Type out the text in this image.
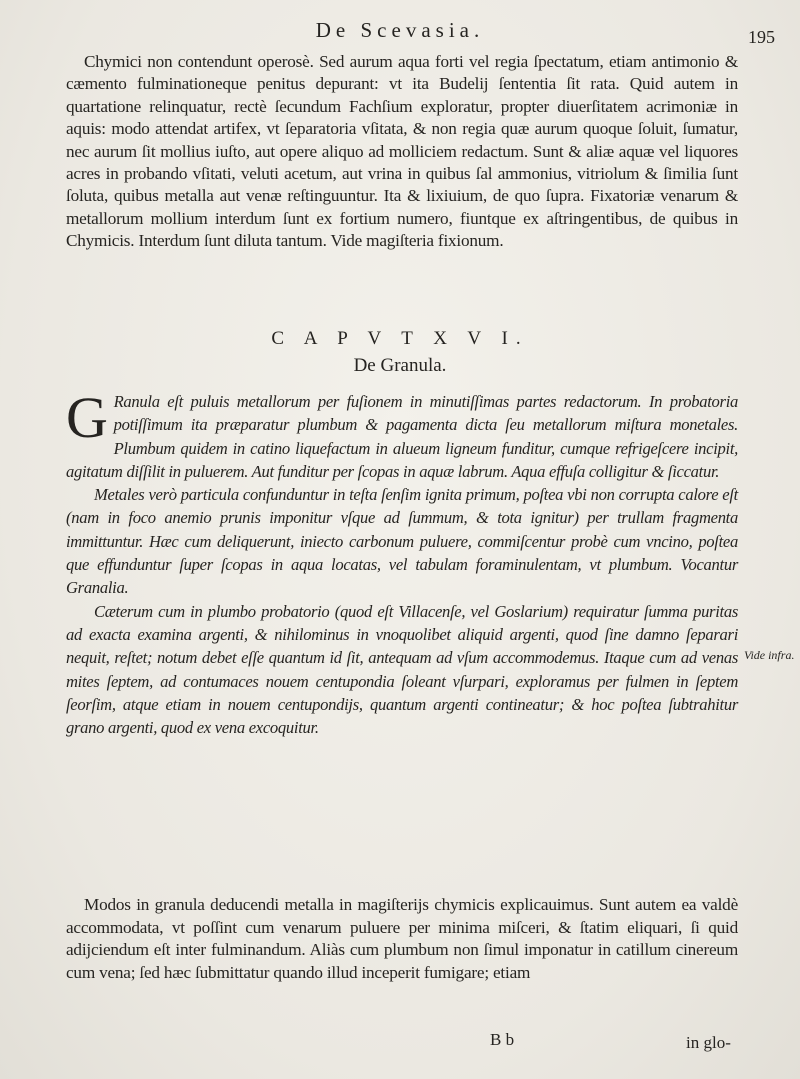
De Scevasia.	195
Chymici non contendunt operosè. Sed aurum aqua forti vel regia ſpectatum, etiam antimonio & cæmento fulminationeque penitus depurant: vt ita Budelij ſententia ſit rata. Quid autem in quartatione relinquatur, rectè ſecundum Fachſium exploratur, propter diuerſitatem acrimoniæ in aquis: modo attendat artifex, vt ſeparatoria vſitata, & non regia quæ aurum quoque ſoluit, ſumatur, nec aurum ſit mollius iuſto, aut opere aliquo ad molliciem redactum. Sunt & aliæ aquæ vel liquores acres in probando vſitati, veluti acetum, aut vrina in quibus ſal ammonius, vitriolum & ſimilia ſunt ſoluta, quibus metalla aut venæ reſtinguuntur. Ita & lixiuium, de quo ſupra. Fixatoriæ venarum & metallorum mollium interdum ſunt ex fortium numero, fiuntque ex aſtringentibus, de quibus in Chymicis. Interdum ſunt diluta tantum. Vide magiſteria fixionum.
C A P V T X V I.
De Granula.

G Ranula eſt puluis metallorum per fuſionem in minutiſſimas partes redactorum. In probatoria potiſſimum ita præparatur plumbum & pagamenta dicta ſeu metallorum miſtura monetales. Plumbum quidem in catino liquefactum in alueum ligneum funditur, cumque refrigeſcere incipit, agitatum diſſilit in puluerem. Aut funditur per ſcopas in aquæ labrum. Aqua effuſa colligitur & ſiccatur.

Metales verò particula confunduntur in teſta ſenſim ignita primum, poſtea vbi non corrupta calore eſt (nam in foco anemio prunis imponitur vſque ad ſummum, & tota ignitur) per trullam fragmenta immittuntur. Hæc cum deliquerunt, iniecto carbonum puluere, commiſcentur probè cum vncino, poſtea que effunduntur ſuper ſcopas in aqua locatas, vel tabulam foraminulentam, vt plumbum. Vocantur Granalia.

Cæterum cum in plumbo probatorio (quod eſt Villacenſe, vel Goslarium) requiratur ſumma puritas ad exacta examina argenti, & nihilominus in vnoquolibet aliquid argenti, quod ſine damno ſeparari nequit, reſtet; notum debet eſſe quantum id ſit, antequam ad vſum accommodemus. Itaque cum ad venas mites ſeptem, ad contumaces nouem centupondia ſoleant vſurpari, exploramus per fulmen in ſeptem ſeorſim, atque etiam in nouem centupondijs, quantum argenti contineatur; & hoc poſtea ſubtrahitur grano argenti, quod ex vena excoquitur.

Vide infra.
Modos in granula deducendi metalla in magiſterijs chymicis explicauimus. Sunt autem ea valdè accommodata, vt poſſint cum venarum puluere per minima miſceri, & ſtatim eliquari, ſi quid adijciendum eſt inter fulminandum. Aliàs cum plumbum non ſimul imponatur in catillum cinereum cum vena; ſed hæc ſubmittatur quando illud inceperit fumigare; etiam
B b	in glo-
